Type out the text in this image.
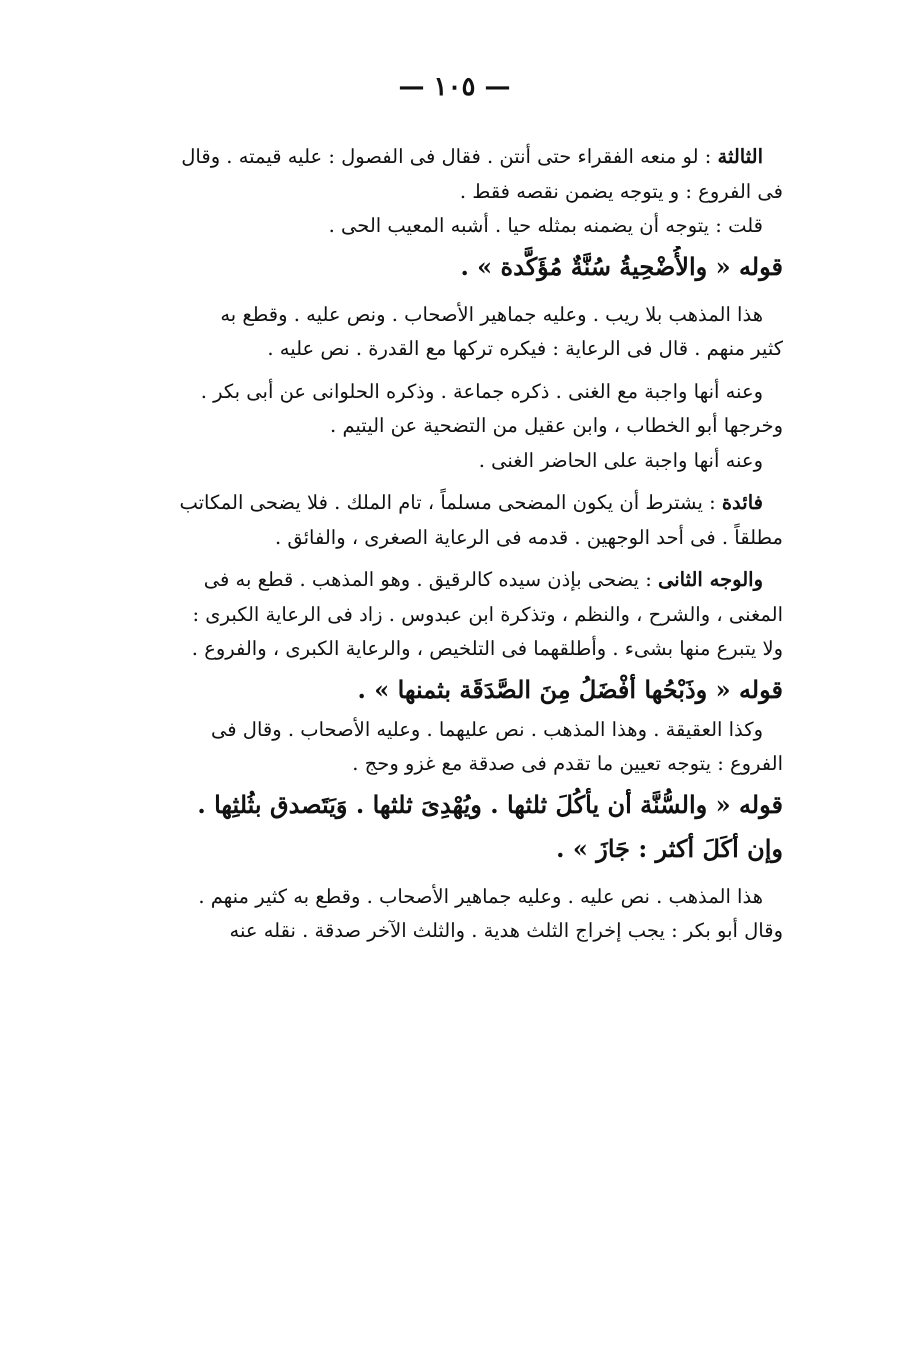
— ١٠٥ —
الثالثة : لو منعه الفقراء حتى أنتن . فقال فى الفصول : عليه قيمته . وقال
فى الفروع : و يتوجه يضمن نقصه فقط .
قلت : يتوجه أن يضمنه بمثله حيا . أشبه المعيب الحى .
قوله « والأُضْحِيةُ سُنَّةٌ مُؤَكَّدة » .
هذا المذهب بلا ريب . وعليه جماهير الأصحاب . ونص عليه . وقطع به
كثير منهم . قال فى الرعاية : فيكره تركها مع القدرة . نص عليه .
وعنه أنها واجبة مع الغنى . ذكره جماعة . وذكره الحلوانى عن أبى بكر .
وخرجها أبو الخطاب ، وابن عقيل من التضحية عن اليتيم .
وعنه أنها واجبة على الحاضر الغنى .
فائدة : يشترط أن يكون المضحى مسلماً ، تام الملك . فلا يضحى المكاتب
مطلقاً . فى أحد الوجهين . قدمه فى الرعاية الصغرى ، والفائق .
والوجه الثانى : يضحى بإذن سيده كالرقيق . وهو المذهب . قطع به فى
المغنى ، والشرح ، والنظم ، وتذكرة ابن عبدوس . زاد فى الرعاية الكبرى :
ولا يتبرع منها بشىء . وأطلقهما فى التلخيص ، والرعاية الكبرى ، والفروع .
قوله « وذَبْحُها أفْضَلُ مِنَ الصَّدَقَة بثمنها » .
وكذا العقيقة . وهذا المذهب . نص عليهما . وعليه الأصحاب . وقال فى
الفروع : يتوجه تعيين ما تقدم فى صدقة مع غزو وحج .
قوله « والسُّنَّة أن يأكُلَ ثلثها . ويُهْدِىَ ثلثها . وَيَتَصدق بثُلثِها .
وإن أكَلَ أكثر : جَازَ » .
هذا المذهب . نص عليه . وعليه جماهير الأصحاب . وقطع به كثير منهم .
وقال أبو بكر : يجب إخراج الثلث هدية . والثلث الآخر صدقة . نقله عنه
